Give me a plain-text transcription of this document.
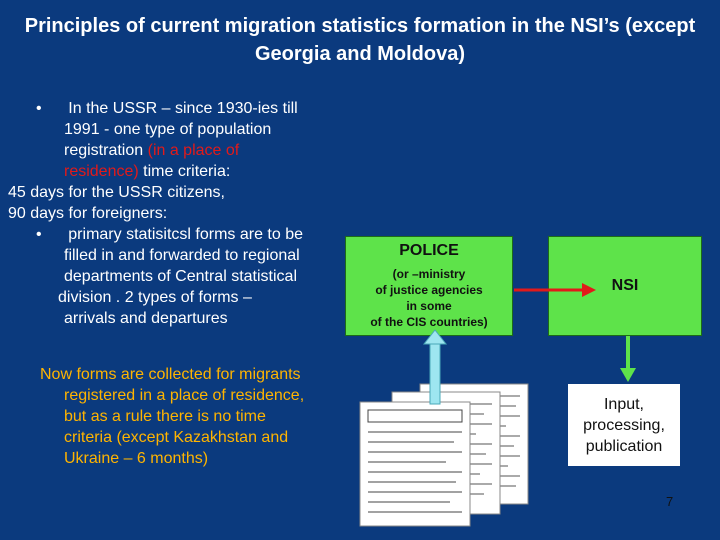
Principles of current migration statistics formation in the NSI’s (except Georgia and Moldova)

• In the USSR – since 1930-ies till

1991 - one type of population

registration (in a place of

residence) time criteria:

45 days for the USSR citizens,

90 days for foreigners:

• primary statisitcsl forms are to be

filled in and forwarded to regional

departments of Central statistical

division . 2 types of forms –

arrivals and departures

Now forms are collected for migrants

registered in a place of residence,

but as a rule there is no time

criteria (except Kazakhstan and

Ukraine – 6 months)

POLICE
(or –ministry
of justice agencies
in some
of the CIS countries)
NSI
Input,
processing,
publication
7
